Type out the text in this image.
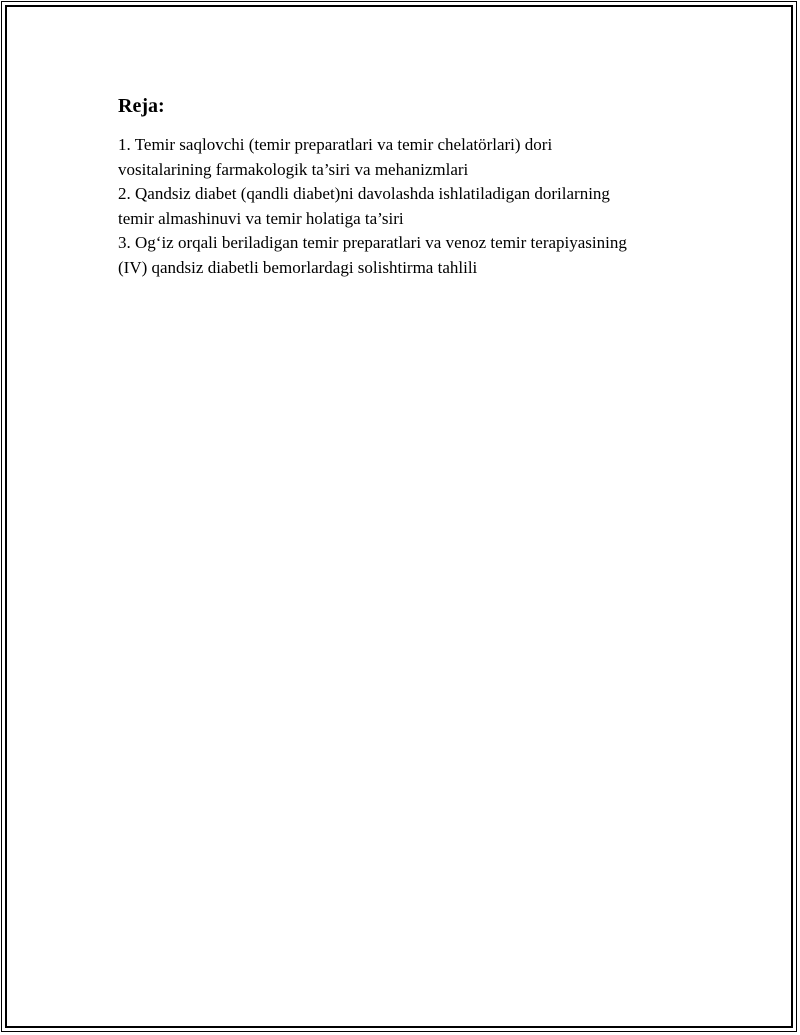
Reja:
1. Temir saqlovchi (temir preparatlari va temir chelatörlari) dori
vositalarining farmakologik ta’siri va mehanizmlari
2. Qandsiz diabet (qandli diabet)ni davolashda ishlatiladigan dorilarning
temir almashinuvi va temir holatiga ta’siri
3. Og‘iz orqali beriladigan temir preparatlari va venoz temir terapiyasining
(IV) qandsiz diabetli bemorlardagi solishtirma tahlili
